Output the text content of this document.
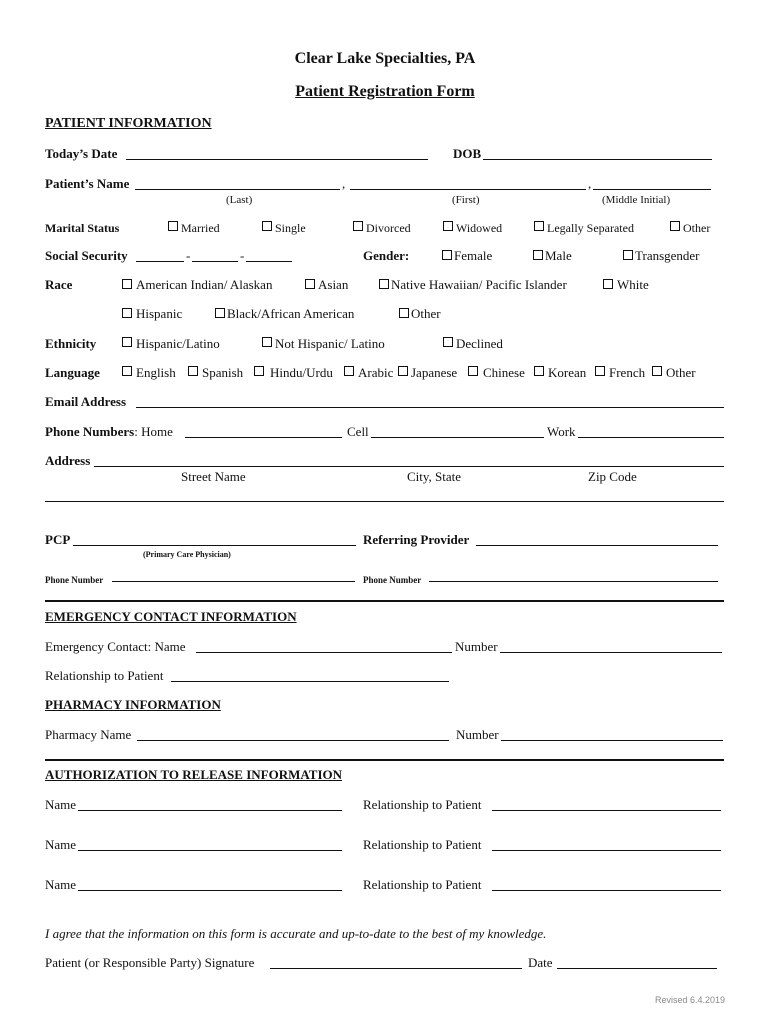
Clear Lake Specialties, PA
Patient Registration Form
PATIENT INFORMATION
Today’s Date	DOB
Patient’s Name	,	,
(Last)	(First)	(Middle Initial)
Marital Status	Married	Single	Divorced	Widowed	Legally Separated	Other
Social Security	-	-	Gender:	Female	Male	Transgender
Race	American Indian/ Alaskan	Asian	Native Hawaiian/ Pacific Islander	White
Hispanic	Black/African American	Other
Ethnicity	Hispanic/Latino	Not Hispanic/ Latino	Declined
Language	English Spanish Hindu/Urdu Arabic Japanese Chinese Korean French Other
Email Address
Phone Numbers: Home	Cell	Work
Address
Street Name	City, State	Zip Code
PCP
(Primary Care Physician)
Referring Provider
Phone Number	Phone Number
EMERGENCY CONTACT INFORMATION
Emergency Contact: Name	Number
Relationship to Patient
PHARMACY INFORMATION
Pharmacy Name	Number
AUTHORIZATION TO RELEASE INFORMATION
Name	Relationship to Patient
Name	Relationship to Patient
Name	Relationship to Patient
I agree that the information on this form is accurate and up-to-date to the best of my knowledge.
Patient (or Responsible Party) Signature	Date
Revised 6.4.2019
